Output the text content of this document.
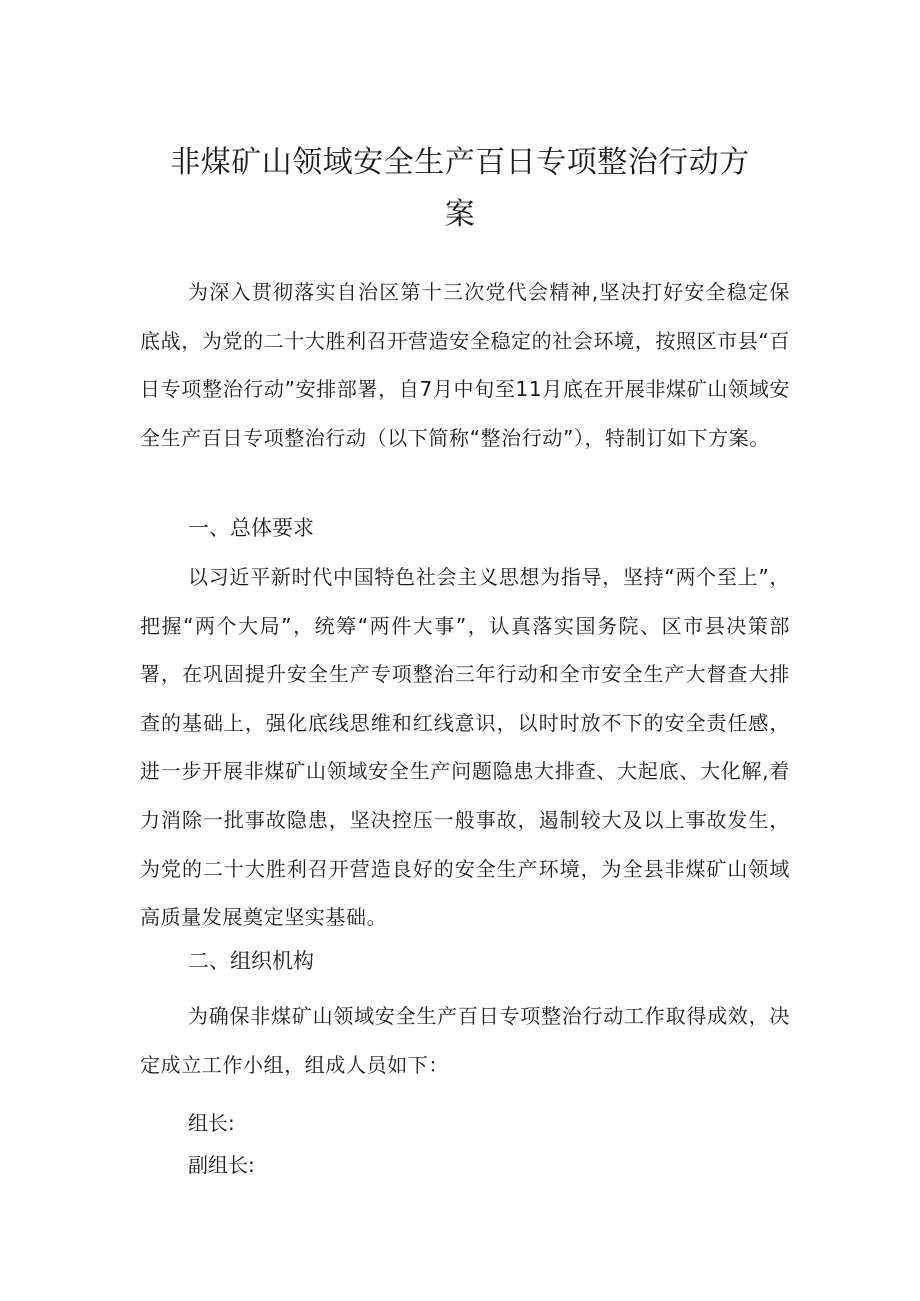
非煤矿山领域安全生产百日专项整治行动方
案

为深入贯彻落实自治区第十三次党代会精神,坚决打好安全稳定保底战，为党的二十大胜利召开营造安全稳定的社会环境，按照区市县“百日专项整治行动”安排部署，自7月中旬至11月底在开展非煤矿山领域安全生产百日专项整治行动（以下简称“整治行动”），特制订如下方案。

一、总体要求

以习近平新时代中国特色社会主义思想为指导，坚持“两个至上”，把握“两个大局”，统筹“两件大事”，认真落实国务院、区市县决策部署，在巩固提升安全生产专项整治三年行动和全市安全生产大督查大排查的基础上，强化底线思维和红线意识，以时时放不下的安全责任感，进一步开展非煤矿山领域安全生产问题隐患大排查、大起底、大化解,着力消除一批事故隐患，坚决控压一般事故，遏制较大及以上事故发生，为党的二十大胜利召开营造良好的安全生产环境，为全县非煤矿山领域高质量发展奠定坚实基础。

二、组织机构

为确保非煤矿山领域安全生产百日专项整治行动工作取得成效，决定成立工作小组，组成人员如下：

组长:

副组长:
